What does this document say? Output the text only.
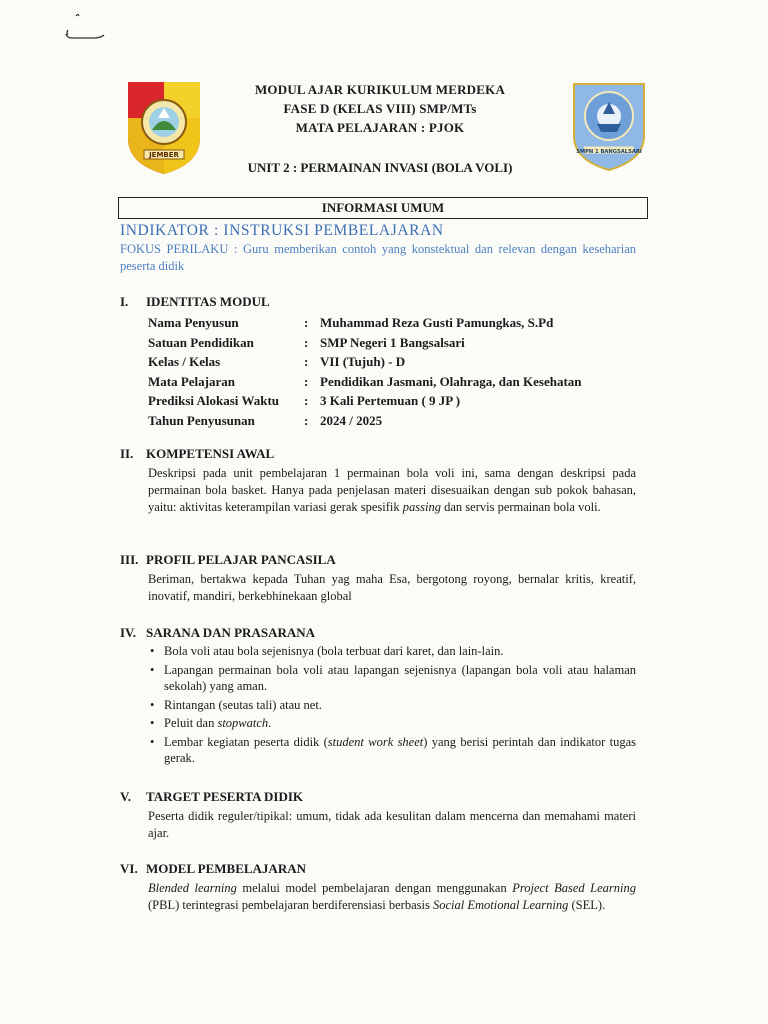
JEMBER	SMPN 1 BANGSALSARI
MODUL AJAR KURIKULUM MERDEKA
FASE D (KELAS VIII) SMP/MTs
MATA PELAJARAN : PJOK
UNIT 2 : PERMAINAN INVASI (BOLA VOLI)
INFORMASI UMUM
INDIKATOR : INSTRUKSI PEMBELAJARAN
FOKUS PERILAKU : Guru memberikan contoh yang konstektual dan relevan dengan keseharian peserta didik
I. IDENTITAS MODUL
Nama Penyusun	:	Muhammad Reza Gusti Pamungkas, S.Pd
Satuan Pendidikan	:	SMP Negeri 1 Bangsalsari
Kelas / Kelas	:	VII (Tujuh) - D
Mata Pelajaran	:	Pendidikan Jasmani, Olahraga, dan Kesehatan
Prediksi Alokasi Waktu	:	3 Kali Pertemuan ( 9 JP )
Tahun Penyusunan	:	2024 / 2025
II. KOMPETENSI AWAL
Deskripsi pada unit pembelajaran 1 permainan bola voli ini, sama dengan deskripsi pada permainan bola basket. Hanya pada penjelasan materi disesuaikan dengan sub pokok bahasan, yaitu: aktivitas keterampilan variasi gerak spesifik passing dan servis permainan bola voli.
III. PROFIL PELAJAR PANCASILA
Beriman, bertakwa kepada Tuhan yag maha Esa, bergotong royong, bernalar kritis, kreatif, inovatif, mandiri, berkebhinekaan global
IV. SARANA DAN PRASARANA
• Bola voli atau bola sejenisnya (bola terbuat dari karet, dan lain-lain.
• Lapangan permainan bola voli atau lapangan sejenisnya (lapangan bola voli atau halaman sekolah) yang aman.
• Rintangan (seutas tali) atau net.
• Peluit dan stopwatch.
• Lembar kegiatan peserta didik (student work sheet) yang berisi perintah dan indikator tugas gerak.
V. TARGET PESERTA DIDIK
Peserta didik reguler/tipikal: umum, tidak ada kesulitan dalam mencerna dan memahami materi ajar.
VI. MODEL PEMBELAJARAN
Blended learning melalui model pembelajaran dengan menggunakan Project Based Learning (PBL) terintegrasi pembelajaran berdiferensiasi berbasis Social Emotional Learning (SEL).
